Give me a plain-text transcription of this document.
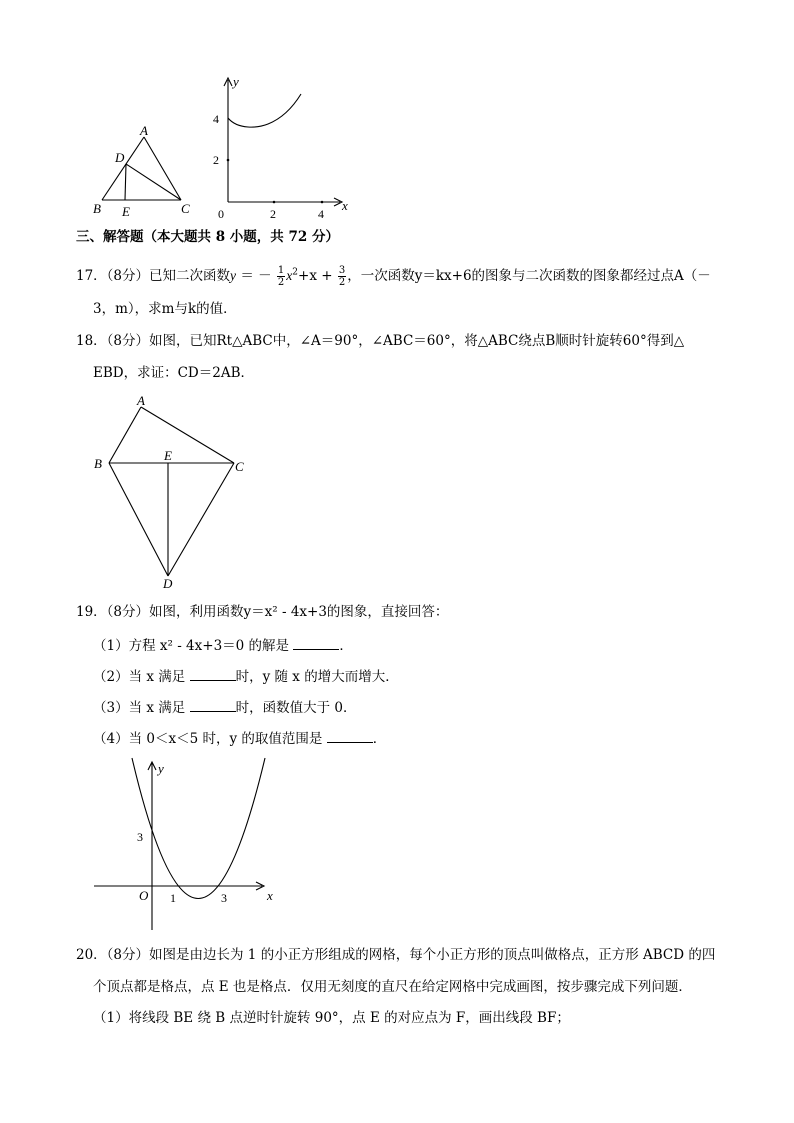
A
D
B E	C
y
x
4
2
0	2	4
三、解答题（本大题共 8 小题，共 72 分）
17．（8分）已知二次函数y ＝ － $\frac{1}{2} x^2+x + \frac{3}{2}$ ，一次函数y＝kx+6的图象与二次函数的图象都经过点A（－
3，m），求m与k的值．
18．（8分）如图，已知Rt△ABC中，∠A＝90°，∠ABC＝60°，将△ABC绕点B顺时针旋转60°得到△
EBD，求证：CD＝2AB．
A
B
E
C
D
19．（8分）如图，利用函数y＝x² - 4x+3的图象，直接回答：
（1）方程 x² - 4x+3＝0 的解是	．
（2）当 x 满足	时，y 随 x 的增大而增大．
（3）当 x 满足	时，函数值大于 0．
（4）当 0＜x＜5 时，y 的取值范围是	．
y
x
O 1	3
3
20．（8分）如图是由边长为 1 的小正方形组成的网格，每个小正方形的顶点叫做格点，正方形 ABCD 的四
个顶点都是格点，点 E 也是格点．仅用无刻度的直尺在给定网格中完成画图，按步骤完成下列问题．
（1）将线段 BE 绕 B 点逆时针旋转 90°，点 E 的对应点为 F，画出线段 BF；
